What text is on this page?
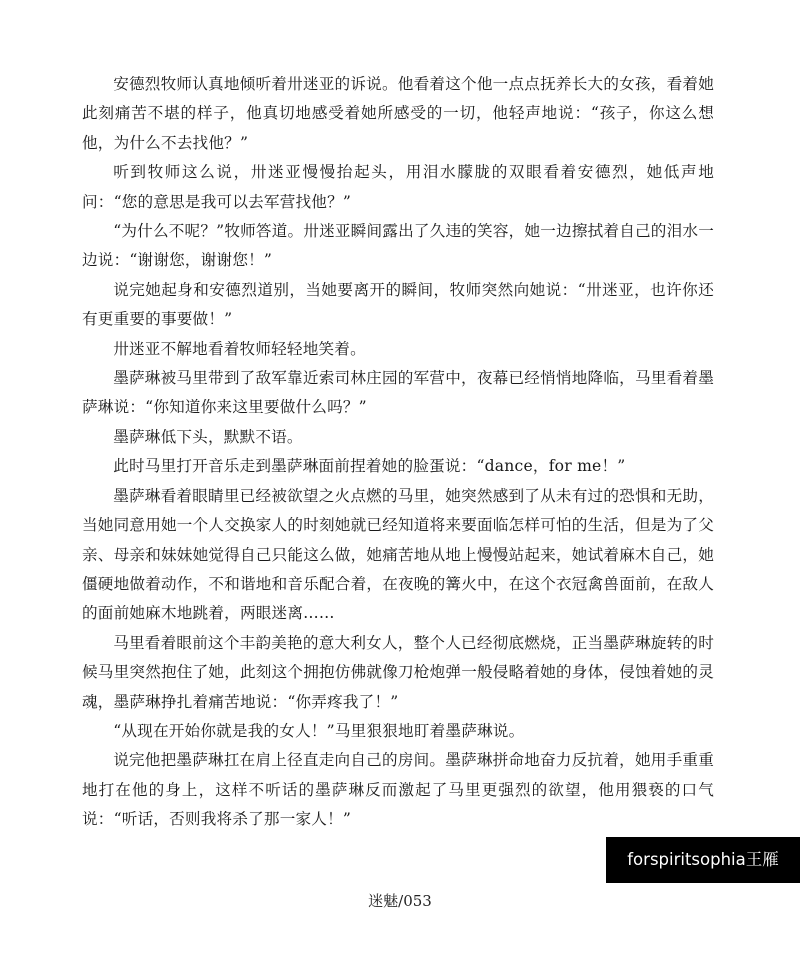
安德烈牧师认真地倾听着卅迷亚的诉说。他看着这个他一点点抚养长大的女孩，看着她此刻痛苦不堪的样子，他真切地感受着她所感受的一切，他轻声地说：“孩子，你这么想他，为什么不去找他？”

听到牧师这么说，卅迷亚慢慢抬起头，用泪水朦胧的双眼看着安德烈，她低声地问：“您的意思是我可以去军营找他？”

“为什么不呢？”牧师答道。卅迷亚瞬间露出了久违的笑容，她一边擦拭着自己的泪水一边说：“谢谢您，谢谢您！”

说完她起身和安德烈道别，当她要离开的瞬间，牧师突然向她说：“卅迷亚，也许你还有更重要的事要做！”

卅迷亚不解地看着牧师轻轻地笑着。

墨萨琳被马里带到了敌军靠近索司林庄园的军营中，夜幕已经悄悄地降临，马里看着墨萨琳说：“你知道你来这里要做什么吗？”

墨萨琳低下头，默默不语。

此时马里打开音乐走到墨萨琳面前捏着她的脸蛋说：“dance，for me！”

墨萨琳看着眼睛里已经被欲望之火点燃的马里，她突然感到了从未有过的恐惧和无助，当她同意用她一个人交换家人的时刻她就已经知道将来要面临怎样可怕的生活，但是为了父亲、母亲和妹妹她觉得自己只能这么做，她痛苦地从地上慢慢站起来，她试着麻木自己，她僵硬地做着动作，不和谐地和音乐配合着，在夜晚的篝火中，在这个衣冠禽兽面前，在敌人的面前她麻木地跳着，两眼迷离……

马里看着眼前这个丰韵美艳的意大利女人，整个人已经彻底燃烧，正当墨萨琳旋转的时候马里突然抱住了她，此刻这个拥抱仿佛就像刀枪炮弹一般侵略着她的身体，侵蚀着她的灵魂，墨萨琳挣扎着痛苦地说：“你弄疼我了！”

“从现在开始你就是我的女人！”马里狠狠地盯着墨萨琳说。

说完他把墨萨琳扛在肩上径直走向自己的房间。墨萨琳拼命地奋力反抗着，她用手重重地打在他的身上，这样不听话的墨萨琳反而激起了马里更强烈的欲望，他用猥亵的口气说：“听话，否则我将杀了那一家人！”

forspiritsophia王雁
迷魅/053
